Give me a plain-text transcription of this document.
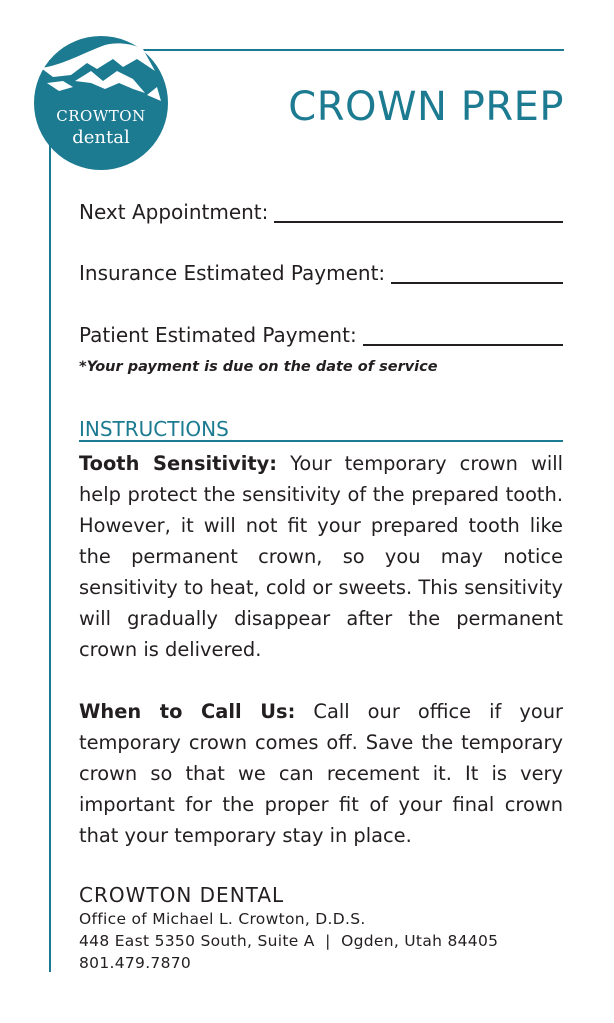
CROWTON
dental
CROWN PREP
Next Appointment:
Insurance Estimated Payment:
Patient Estimated Payment:
*Your payment is due on the date of service
INSTRUCTIONS

Tooth Sensitivity: Your temporary crown will help protect the sensitivity of the prepared tooth. However, it will not fit your prepared tooth like the permanent crown, so you may notice sensitivity to heat, cold or sweets. This sensitivity will gradually disappear after the permanent crown is delivered.

When to Call Us: Call our office if your temporary crown comes off. Save the temporary crown so that we can recement it. It is very important for the proper fit of your final crown that your temporary stay in place.

CROWTON DENTAL
Office of Michael L. Crowton, D.D.S.
448 East 5350 South, Suite A  |  Ogden, Utah 84405
801.479.7870
